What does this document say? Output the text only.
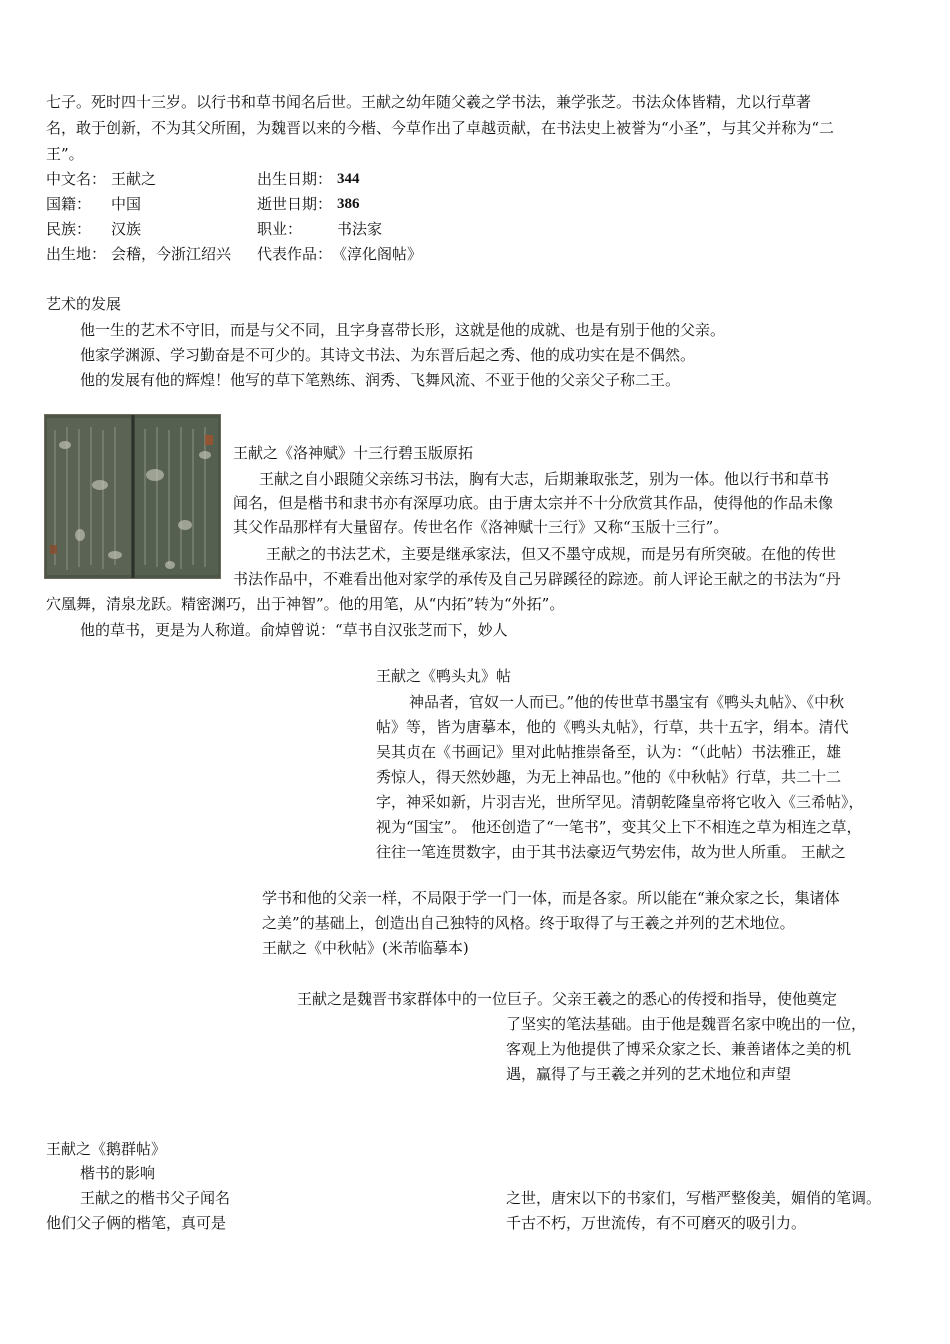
七子。死时四十三岁。以行书和草书闻名后世。王献之幼年随父羲之学书法，兼学张芝。书法众体皆精，尤以行草著
名，敢于创新，不为其父所囿，为魏晋以来的今楷、今草作出了卓越贡献，在书法史上被誉为“小圣”，与其父并称为“二
王”。
中文名： 王献之	出生日期： 344
国籍： 中国	逝世日期： 386
民族： 汉族	职业： 书法家
出生地： 会稽，今浙江绍兴 代表作品： 《淳化阁帖》
艺术的发展
他一生的艺术不守旧，而是与父不同，且字身喜带长形，这就是他的成就、也是有别于他的父亲。
他家学渊源、学习勤奋是不可少的。其诗文书法、为东晋后起之秀、他的成功实在是不偶然。
他的发展有他的辉煌！他写的草下笔熟练、润秀、飞舞风流、不亚于他的父亲父子称二王。
王献之《洛神赋》十三行碧玉版原拓
王献之自小跟随父亲练习书法，胸有大志，后期兼取张芝，别为一体。他以行书和草书
闻名，但是楷书和隶书亦有深厚功底。由于唐太宗并不十分欣赏其作品，使得他的作品未像
其父作品那样有大量留存。传世名作《洛神赋十三行》又称“玉版十三行”。
王献之的书法艺术，主要是继承家法，但又不墨守成规，而是另有所突破。在他的传世
书法作品中，不难看出他对家学的承传及自己另辟蹊径的踪迹。前人评论王献之的书法为“丹
穴凰舞，清泉龙跃。精密渊巧，出于神智”。他的用笔，从“内拓”转为“外拓”。
他的草书，更是为人称道。俞焯曾说：“草书自汉张芝而下，妙人
王献之《鸭头丸》帖
神品者，官奴一人而已。”他的传世草书墨宝有《鸭头丸帖》、《中秋
帖》等，皆为唐摹本，他的《鸭头丸帖》，行草，共十五字，绢本。清代
吴其贞在《书画记》里对此帖推崇备至，认为：“（此帖）书法雅正，雄
秀惊人，得天然妙趣，为无上神品也。”他的《中秋帖》行草，共二十二
字，神采如新，片羽吉光，世所罕见。清朝乾隆皇帝将它收入《三希帖》，
视为“国宝”。 他还创造了“一笔书”，变其父上下不相连之草为相连之草，
往往一笔连贯数字，由于其书法豪迈气势宏伟，故为世人所重。 王献之
学书和他的父亲一样，不局限于学一门一体，而是各家。所以能在“兼众家之长，集诸体
之美”的基础上，创造出自己独特的风格。终于取得了与王羲之并列的艺术地位。
王献之《中秋帖》(米芾临摹本)
王献之是魏晋书家群体中的一位巨子。父亲王羲之的悉心的传授和指导，使他奠定
了坚实的笔法基础。由于他是魏晋名家中晚出的一位，
客观上为他提供了博采众家之长、兼善诸体之美的机
遇，赢得了与王羲之并列的艺术地位和声望
王献之《鹅群帖》
楷书的影响
王献之的楷书父子闻名
他们父子俩的楷笔，真可是
之世，唐宋以下的书家们，写楷严整俊美，媚俏的笔调。
千古不朽，万世流传，有不可磨灭的吸引力。
